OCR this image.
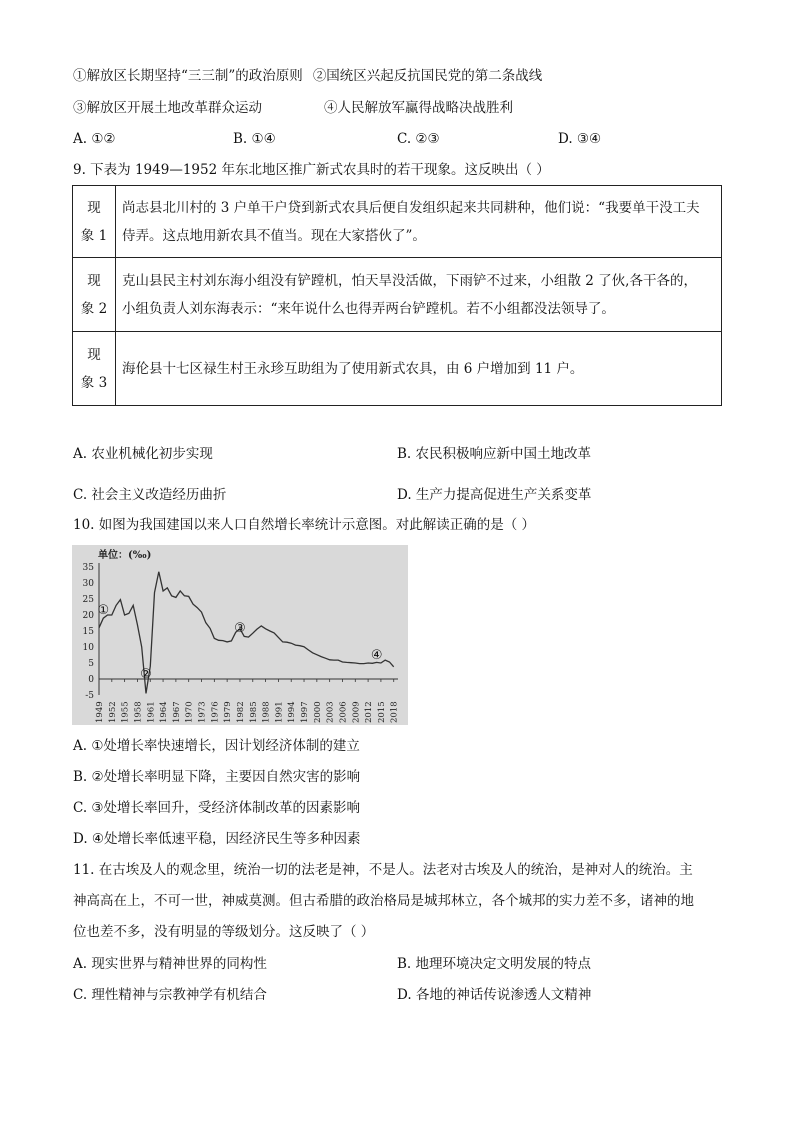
①解放区长期坚持“三三制”的政治原则 ②国统区兴起反抗国民党的第二条战线
③解放区开展土地改革群众运动	④人民解放军赢得战略决战胜利
A. ①②	B. ①④	C. ②③	D. ③④
9. 下表为 1949—1952 年东北地区推广新式农具时的若干现象。这反映出（ ）
现
象 1	尚志县北川村的 3 户单干户贷到新式农具后便自发组织起来共同耕种，他们说：“我要单干没工夫
侍弄。这点地用新农具不值当。现在大家搭伙了”。
现
象 2	克山县民主村刘东海小组没有铲蹚机，怕天旱没活做，下雨铲不过来，小组散 2 了伙,各干各的，
小组负责人刘东海表示：“来年说什么也得弄两台铲蹚机。若不小组都没法领导了。
现
象 3	海伦县十七区禄生村王永珍互助组为了使用新式农具，由 6 户增加到 11 户。
A. 农业机械化初步实现	B. 农民积极响应新中国土地改革
C. 社会主义改造经历曲折	D. 生产力提高促进生产关系变革
10. 如图为我国建国以来人口自然增长率统计示意图。对此解读正确的是（ ）
单位：(‰)
35
30
25
20
15
10
5
0
-5
1949 1952 1955 1958 1961 1964 1967 1970 1973 1976 1979 1982 1985 1988 1991 1994 1997 2000 2003 2006 2009 2012 2015 2018
①
②
③
④
A. ①处增长率快速增长，因计划经济体制的建立
B. ②处增长率明显下降，主要因自然灾害的影响
C. ③处增长率回升，受经济体制改革的因素影响
D. ④处增长率低速平稳，因经济民生等多种因素
11. 在古埃及人的观念里，统治一切的法老是神，不是人。法老对古埃及人的统治，是神对人的统治。主
神高高在上，不可一世，神威莫测。但古希腊的政治格局是城邦林立，各个城邦的实力差不多，诸神的地
位也差不多，没有明显的等级划分。这反映了（ ）
A. 现实世界与精神世界的同构性	B. 地理环境决定文明发展的特点
C. 理性精神与宗教神学有机结合	D. 各地的神话传说渗透人文精神
